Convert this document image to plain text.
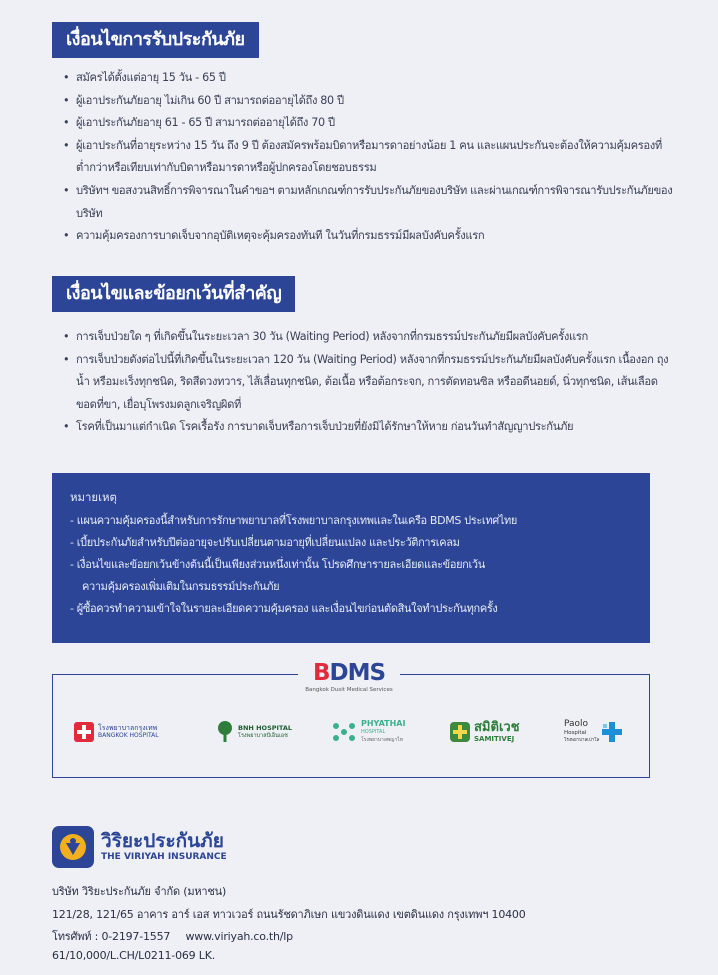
เงื่อนไขการรับประกันภัย
• สมัครได้ตั้งแต่อายุ 15 วัน - 65 ปี
• ผู้เอาประกันภัยอายุ ไม่เกิน 60 ปี สามารถต่ออายุได้ถึง 80 ปี
• ผู้เอาประกันภัยอายุ 61 - 65 ปี สามารถต่ออายุได้ถึง 70 ปี
• ผู้เอาประกันที่อายุระหว่าง 15 วัน ถึง 9 ปี ต้องสมัครพร้อมบิดาหรือมารดาอย่างน้อย 1 คน และแผนประกันจะต้องให้ความคุ้มครองที่ต่ำกว่าหรือเทียบเท่ากับบิดาหรือมารดาหรือผู้ปกครองโดยชอบธรรม
• บริษัทฯ ขอสงวนสิทธิ์การพิจารณาในคำขอฯ ตามหลักเกณฑ์การรับประกันภัยของบริษัท และผ่านเกณฑ์การพิจารณารับประกันภัยของบริษัท
• ความคุ้มครองการบาดเจ็บจากอุบัติเหตุจะคุ้มครองทันที ในวันที่กรมธรรม์มีผลบังคับครั้งแรก
เงื่อนไขและข้อยกเว้นที่สำคัญ
• การเจ็บป่วยใด ๆ ที่เกิดขึ้นในระยะเวลา 30 วัน (Waiting Period) หลังจากที่กรมธรรม์ประกันภัยมีผลบังคับครั้งแรก
• การเจ็บป่วยดังต่อไปนี้ที่เกิดขึ้นในระยะเวลา 120 วัน (Waiting Period) หลังจากที่กรมธรรม์ประกันภัยมีผลบังคับครั้งแรก เนื้องอก ถุงน้ำ หรือมะเร็งทุกชนิด, ริดสีดวงทวาร, ไส้เลื่อนทุกชนิด, ต้อเนื้อ หรือต้อกระจก, การตัดทอนซิล หรืออดีนอยด์, นิ่วทุกชนิด, เส้นเลือดขอดที่ขา, เยื่อบุโพรงมดลูกเจริญผิดที่
• โรคที่เป็นมาแต่กำเนิด โรคเรื้อรัง การบาดเจ็บหรือการเจ็บป่วยที่ยังมิได้รักษาให้หาย ก่อนวันทำสัญญาประกันภัย
หมายเหตุ
- แผนความคุ้มครองนี้สำหรับการรักษาพยาบาลที่โรงพยาบาลกรุงเทพและในเครือ BDMS ประเทศไทย
- เบี้ยประกันภัยสำหรับปีต่ออายุจะปรับเปลี่ยนตามอายุที่เปลี่ยนแปลง และประวัติการเคลม
- เงื่อนไขและข้อยกเว้นข้างต้นนี้เป็นเพียงส่วนหนึ่งเท่านั้น โปรดศึกษารายละเอียดและข้อยกเว้น
ความคุ้มครองเพิ่มเติมในกรมธรรม์ประกันภัย
- ผู้ซื้อควรทำความเข้าใจในรายละเอียดความคุ้มครอง และเงื่อนไขก่อนตัดสินใจทำประกันทุกครั้ง
BDMS
Bangkok Dusit Medical Services
โรงพยาบาลกรุงเทพ
BANGKOK HOSPITAL
BNH HOSPITAL
โรงพยาบาลบีเอ็นเอช
PHYATHAI
HOSPITAL
โรงพยาบาลพญาไท
สมิติเวช
SAMITIVEJ
Paolo
Hospital
โรงพยาบาลเปาโล
วิริยะประกันภัย
THE VIRIYAH INSURANCE
บริษัท วิริยะประกันภัย จำกัด (มหาชน)
121/28, 121/65 อาคาร อาร์ เอส ทาวเวอร์ ถนนรัชดาภิเษก แขวงดินแดง เขตดินแดง กรุงเทพฯ 10400
โทรศัพท์ : 0-2197-1557 www.viriyah.co.th/lp
61/10,000/L.CH/L0211-069 LK.
